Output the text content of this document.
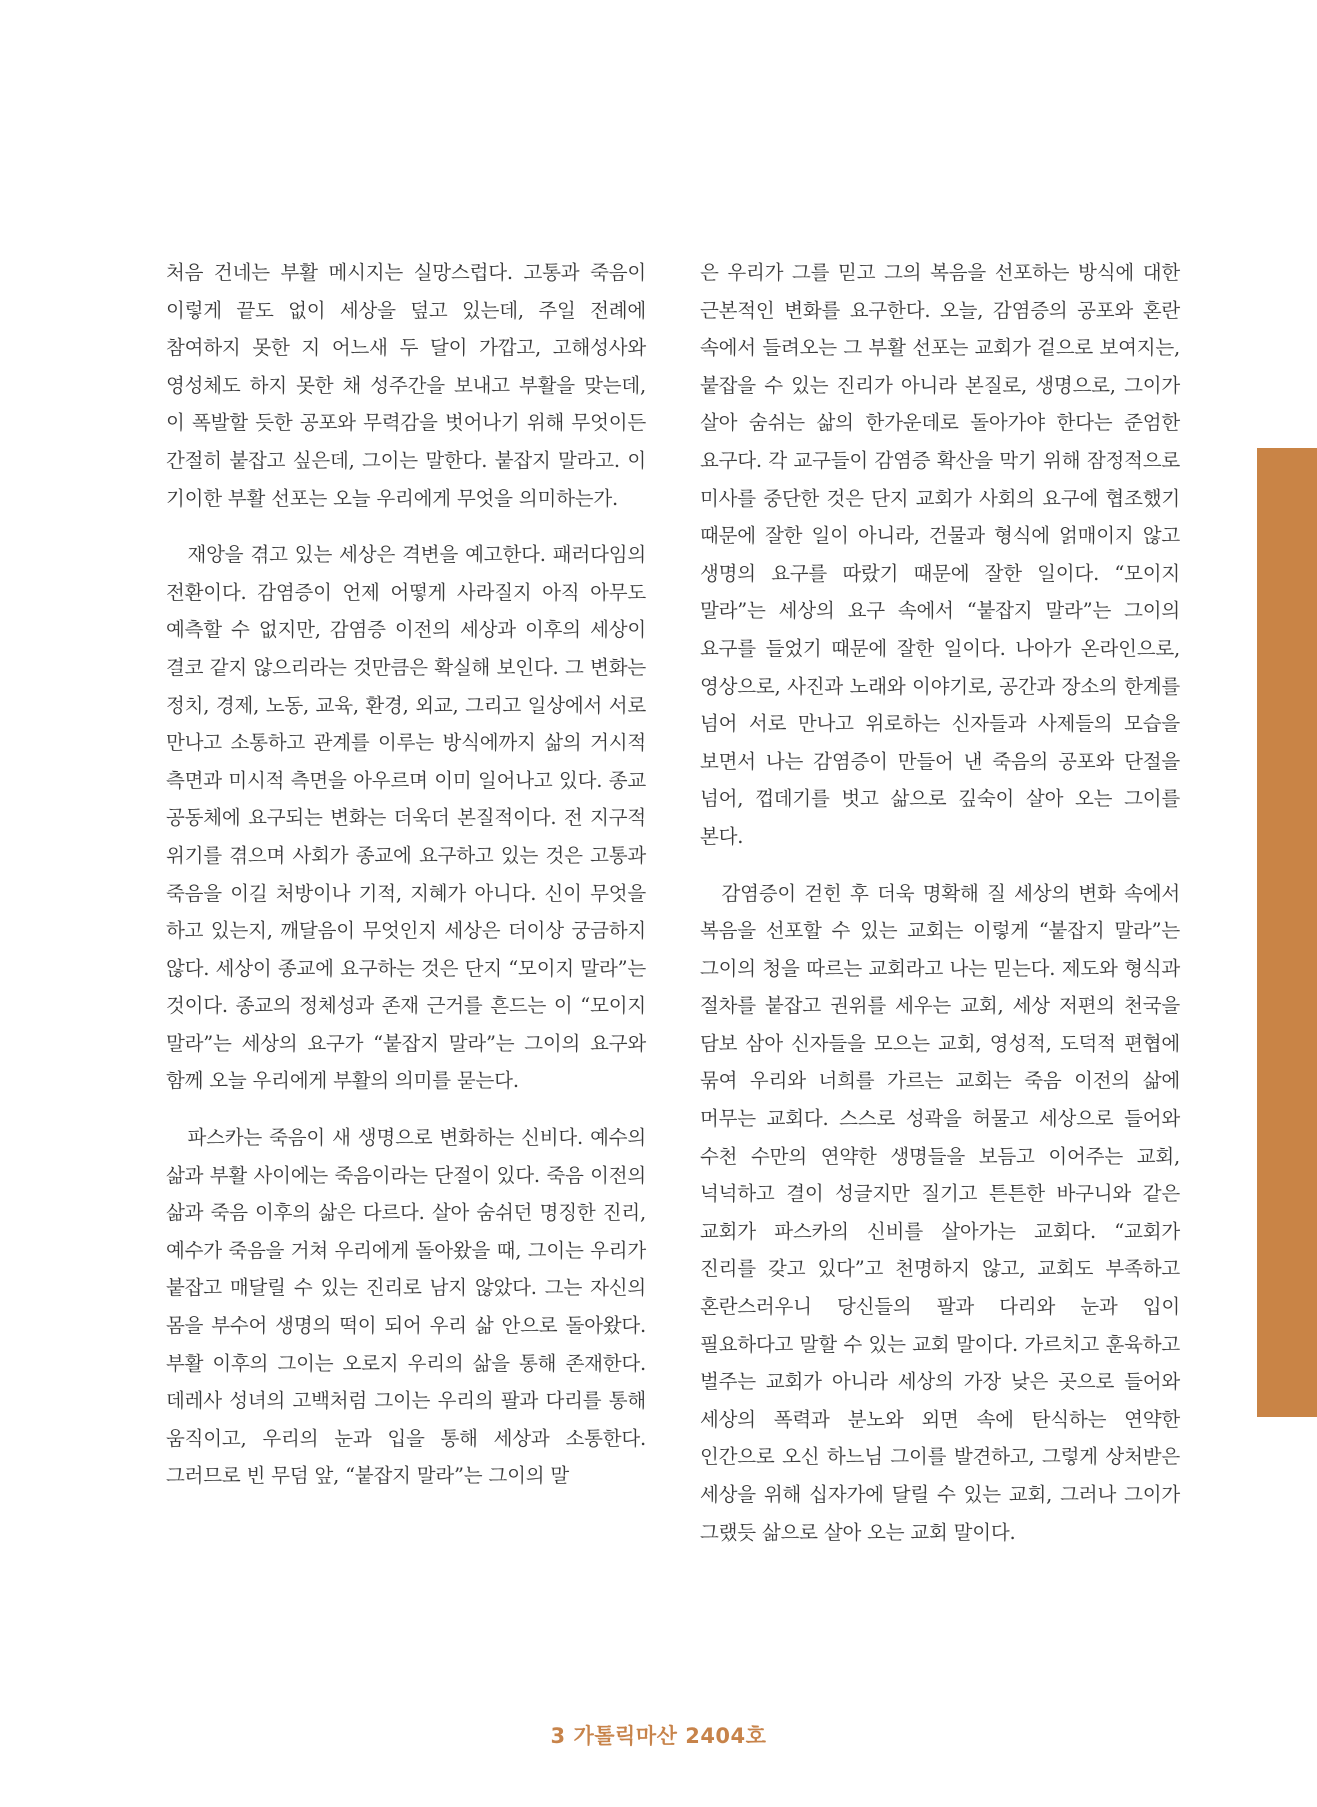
처음 건네는 부활 메시지는 실망스럽다. 고통과 죽음이 이렇게 끝도 없이 세상을 덮고 있는데, 주일 전례에 참여하지 못한 지 어느새 두 달이 가깝고, 고해성사와 영성체도 하지 못한 채 성주간을 보내고 부활을 맞는데, 이 폭발할 듯한 공포와 무력감을 벗어나기 위해 무엇이든 간절히 붙잡고 싶은데, 그이는 말한다. 붙잡지 말라고. 이 기이한 부활 선포는 오늘 우리에게 무엇을 의미하는가.

재앙을 겪고 있는 세상은 격변을 예고한다. 패러다임의 전환이다. 감염증이 언제 어떻게 사라질지 아직 아무도 예측할 수 없지만, 감염증 이전의 세상과 이후의 세상이 결코 같지 않으리라는 것만큼은 확실해 보인다. 그 변화는 정치, 경제, 노동, 교육, 환경, 외교, 그리고 일상에서 서로 만나고 소통하고 관계를 이루는 방식에까지 삶의 거시적 측면과 미시적 측면을 아우르며 이미 일어나고 있다. 종교 공동체에 요구되는 변화는 더욱더 본질적이다. 전 지구적 위기를 겪으며 사회가 종교에 요구하고 있는 것은 고통과 죽음을 이길 처방이나 기적, 지혜가 아니다. 신이 무엇을 하고 있는지, 깨달음이 무엇인지 세상은 더이상 궁금하지 않다. 세상이 종교에 요구하는 것은 단지 “모이지 말라”는 것이다. 종교의 정체성과 존재 근거를 흔드는 이 “모이지 말라”는 세상의 요구가 “붙잡지 말라”는 그이의 요구와 함께 오늘 우리에게 부활의 의미를 묻는다.

파스카는 죽음이 새 생명으로 변화하는 신비다. 예수의 삶과 부활 사이에는 죽음이라는 단절이 있다. 죽음 이전의 삶과 죽음 이후의 삶은 다르다. 살아 숨쉬던 명징한 진리, 예수가 죽음을 거쳐 우리에게 돌아왔을 때, 그이는 우리가 붙잡고 매달릴 수 있는 진리로 남지 않았다. 그는 자신의 몸을 부수어 생명의 떡이 되어 우리 삶 안으로 돌아왔다. 부활 이후의 그이는 오로지 우리의 삶을 통해 존재한다. 데레사 성녀의 고백처럼 그이는 우리의 팔과 다리를 통해 움직이고, 우리의 눈과 입을 통해 세상과 소통한다. 그러므로 빈 무덤 앞, “붙잡지 말라”는 그이의 말

은 우리가 그를 믿고 그의 복음을 선포하는 방식에 대한 근본적인 변화를 요구한다. 오늘, 감염증의 공포와 혼란 속에서 들려오는 그 부활 선포는 교회가 겉으로 보여지는, 붙잡을 수 있는 진리가 아니라 본질로, 생명으로, 그이가 살아 숨쉬는 삶의 한가운데로 돌아가야 한다는 준엄한 요구다. 각 교구들이 감염증 확산을 막기 위해 잠정적으로 미사를 중단한 것은 단지 교회가 사회의 요구에 협조했기 때문에 잘한 일이 아니라, 건물과 형식에 얽매이지 않고 생명의 요구를 따랐기 때문에 잘한 일이다. “모이지 말라”는 세상의 요구 속에서 “붙잡지 말라”는 그이의 요구를 들었기 때문에 잘한 일이다. 나아가 온라인으로, 영상으로, 사진과 노래와 이야기로, 공간과 장소의 한계를 넘어 서로 만나고 위로하는 신자들과 사제들의 모습을 보면서 나는 감염증이 만들어 낸 죽음의 공포와 단절을 넘어, 껍데기를 벗고 삶으로 깊숙이 살아 오는 그이를 본다.

감염증이 걷힌 후 더욱 명확해 질 세상의 변화 속에서 복음을 선포할 수 있는 교회는 이렇게 “붙잡지 말라”는 그이의 청을 따르는 교회라고 나는 믿는다. 제도와 형식과 절차를 붙잡고 권위를 세우는 교회, 세상 저편의 천국을 담보 삼아 신자들을 모으는 교회, 영성적, 도덕적 편협에 묶여 우리와 너희를 가르는 교회는 죽음 이전의 삶에 머무는 교회다. 스스로 성곽을 허물고 세상으로 들어와 수천 수만의 연약한 생명들을 보듬고 이어주는 교회, 넉넉하고 결이 성글지만 질기고 튼튼한 바구니와 같은 교회가 파스카의 신비를 살아가는 교회다. “교회가 진리를 갖고 있다”고 천명하지 않고, 교회도 부족하고 혼란스러우니 당신들의 팔과 다리와 눈과 입이 필요하다고 말할 수 있는 교회 말이다. 가르치고 훈육하고 벌주는 교회가 아니라 세상의 가장 낮은 곳으로 들어와 세상의 폭력과 분노와 외면 속에 탄식하는 연약한 인간으로 오신 하느님 그이를 발견하고, 그렇게 상처받은 세상을 위해 십자가에 달릴 수 있는 교회, 그러나 그이가 그랬듯 삶으로 살아 오는 교회 말이다.

3 가톨릭마산 2404호
